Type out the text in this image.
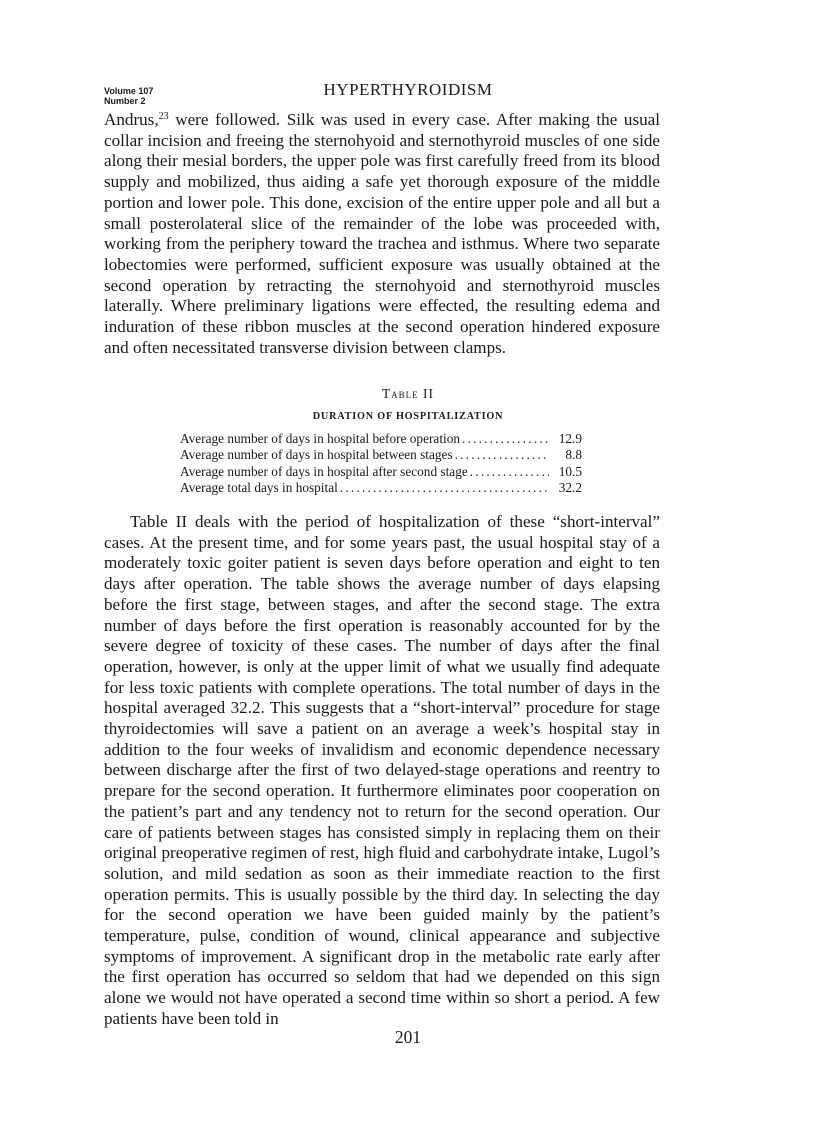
Volume 107
Number 2
HYPERTHYROIDISM

Andrus,$^{23}$ were followed. Silk was used in every case. After making the usual collar incision and freeing the sternohyoid and sternothyroid muscles of one side along their mesial borders, the upper pole was first carefully freed from its blood supply and mobilized, thus aiding a safe yet thorough exposure of the middle portion and lower pole. This done, excision of the entire upper pole and all but a small posterolateral slice of the remainder of the lobe was proceeded with, working from the periphery toward the trachea and isthmus. Where two separate lobectomies were performed, sufficient exposure was usually obtained at the second operation by retracting the sternohyoid and sternothyroid muscles laterally. Where preliminary ligations were effected, the resulting edema and induration of these ribbon muscles at the second operation hindered exposure and often necessitated transverse division between clamps.

Table II
DURATION OF HOSPITALIZATION
Average number of days in hospital before operation .....	12.9
Average number of days in hospital between stages .....	8.8
Average number of days in hospital after second stage .....	10.5
Average total days in hospital .....	32.2

Table II deals with the period of hospitalization of these “short-interval” cases. At the present time, and for some years past, the usual hospital stay of a moderately toxic goiter patient is seven days before operation and eight to ten days after operation. The table shows the average number of days elapsing before the first stage, between stages, and after the second stage. The extra number of days before the first operation is reasonably accounted for by the severe degree of toxicity of these cases. The number of days after the final operation, however, is only at the upper limit of what we usually find adequate for less toxic patients with complete operations. The total number of days in the hospital averaged 32.2. This suggests that a “short-interval” procedure for stage thyroidectomies will save a patient on an average a week’s hospital stay in addition to the four weeks of invalidism and economic dependence necessary between discharge after the first of two delayed-stage operations and reentry to prepare for the second operation. It furthermore eliminates poor cooperation on the patient’s part and any tendency not to return for the second operation. Our care of patients between stages has consisted simply in replacing them on their original preoperative regimen of rest, high fluid and carbohydrate intake, Lugol’s solution, and mild sedation as soon as their immediate reaction to the first operation permits. This is usually possible by the third day. In selecting the day for the second operation we have been guided mainly by the patient’s temperature, pulse, condition of wound, clinical appearance and subjective symptoms of improvement. A significant drop in the metabolic rate early after the first operation has occurred so seldom that had we depended on this sign alone we would not have operated a second time within so short a period. A few patients have been told in

201
